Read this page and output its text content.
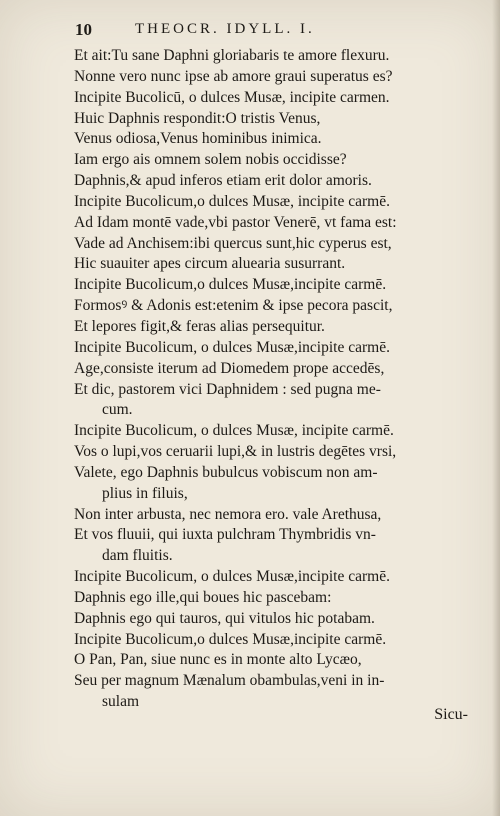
10	THEOCR. IDYLL. I.
Et ait:Tu sane Daphni gloriabaris te amore flexuru.
Nonne vero nunc ipse ab amore graui superatus es?
Incipite Bucolicū, o dulces Musæ, incipite carmen.
Huic Daphnis respondit:O tristis Venus,
Venus odiosa,Venus hominibus inimica.
Iam ergo ais omnem solem nobis occidisse?
Daphnis,& apud inferos etiam erit dolor amoris.
Incipite Bucolicum,o dulces Musæ, incipite carmē.
Ad Idam montē vade,vbi pastor Venerē, vt fama est:
Vade ad Anchisem:ibi quercus sunt,hic cyperus est,
Hic suauiter apes circum aluearia susurrant.
Incipite Bucolicum,o dulces Musæ,incipite carmē.
Formosꝰ & Adonis est:etenim & ipse pecora pascit,
Et lepores figit,& feras alias persequitur.
Incipite Bucolicum, o dulces Musæ,incipite carmē.
Age,consiste iterum ad Diomedem prope accedēs,
Et dic, pastorem vici Daphnidem : sed pugna me-
cum.
Incipite Bucolicum, o dulces Musæ, incipite carmē.
Vos o lupi,vos ceruarii lupi,& in lustris degētes vrsi,
Valete, ego Daphnis bubulcus vobiscum non am-
plius in filuis,
Non inter arbusta, nec nemora ero. vale Arethusa,
Et vos fluuii, qui iuxta pulchram Thymbridis vn-
dam fluitis.
Incipite Bucolicum, o dulces Musæ,incipite carmē.
Daphnis ego ille,qui boues hic pascebam:
Daphnis ego qui tauros, qui vitulos hic potabam.
Incipite Bucolicum,o dulces Musæ,incipite carmē.
O Pan, Pan, siue nunc es in monte alto Lycæo,
Seu per magnum Mænalum obambulas,veni in in-
sulam
Sicu-
